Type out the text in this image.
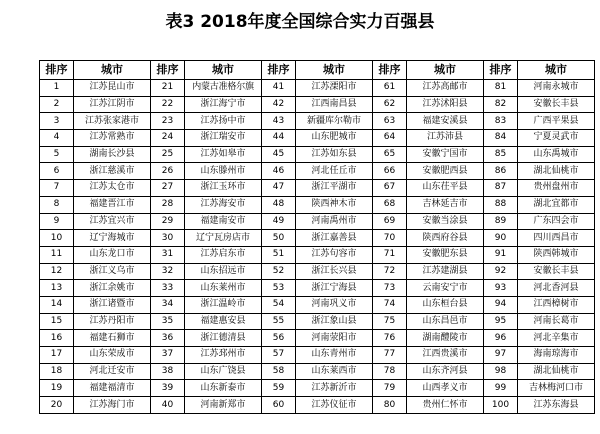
表3 2018年度全国综合实力百强县
排序	城市	排序	城市	排序	城市	排序	城市	排序	城市
1	江苏昆山市	21	内蒙古准格尔旗	41	江苏溧阳市	61	江苏高邮市	81	河南永城市
2	江苏江阴市	22	浙江海宁市	42	江西南昌县	62	江苏沭阳县	82	安徽长丰县
3	江苏张家港市	23	江苏扬中市	43	新疆库尔勒市	63	福建安溪县	83	广西平果县
4	江苏常熟市	24	浙江瑞安市	44	山东肥城市	64	江苏沛县	84	宁夏灵武市
5	湖南长沙县	25	江苏如皋市	45	江苏如东县	65	安徽宁国市	85	山东禹城市
6	浙江慈溪市	26	山东滕州市	46	河北任丘市	66	安徽肥西县	86	湖北仙桃市
7	江苏太仓市	27	浙江玉环市	47	浙江平湖市	67	山东茌平县	87	贵州盘州市
8	福建晋江市	28	江苏海安市	48	陕西神木市	68	吉林延吉市	88	湖北宜都市
9	江苏宜兴市	29	福建南安市	49	河南禹州市	69	安徽当涂县	89	广东四会市
10	辽宁海城市	30	辽宁瓦房店市	50	浙江嘉善县	70	陕西府谷县	90	四川西昌市
11	山东龙口市	31	江苏启东市	51	江苏句容市	71	安徽肥东县	91	陕西韩城市
12	浙江义乌市	32	山东招远市	52	浙江长兴县	72	江苏建湖县	92	安徽长丰县
13	浙江余姚市	33	山东莱州市	53	浙江宁海县	73	云南安宁市	93	河北香河县
14	浙江诸暨市	34	浙江温岭市	54	河南巩义市	74	山东桓台县	94	江西樟树市
15	江苏丹阳市	35	福建惠安县	55	浙江象山县	75	山东昌邑市	95	河南长葛市
16	福建石狮市	36	浙江德清县	56	河南荥阳市	76	湖南醴陵市	96	河北辛集市
17	山东荣成市	37	江苏邳州市	57	山东青州市	77	江西贵溪市	97	海南琼海市
18	河北迁安市	38	山东广饶县	58	山东莱西市	78	山东齐河县	98	湖北仙桃市
19	福建福清市	39	山东新泰市	59	江苏新沂市	79	山西孝义市	99	吉林梅河口市
20	江苏海门市	40	河南新郑市	60	江苏仪征市	80	贵州仁怀市	100	江苏东海县
